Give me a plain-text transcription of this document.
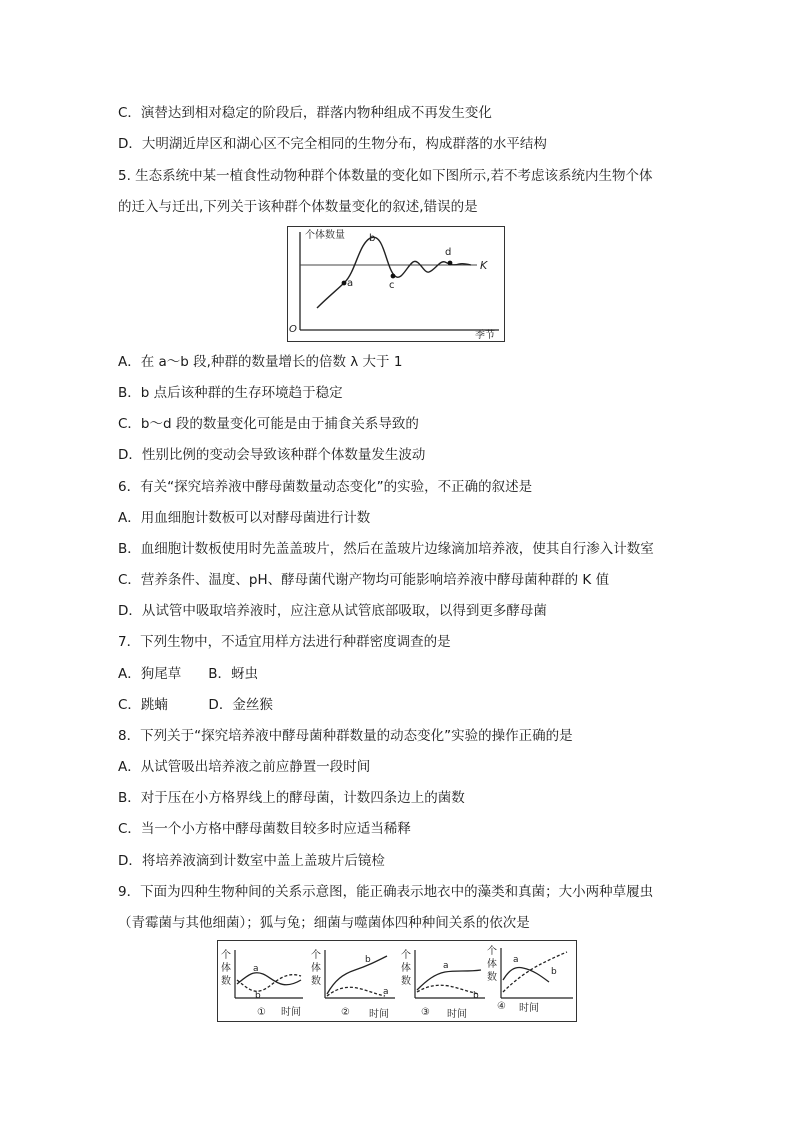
C．演替达到相对稳定的阶段后，群落内物种组成不再发生变化
D．大明湖近岸区和湖心区不完全相同的生物分布，构成群落的水平结构
5. 生态系统中某一植食性动物种群个体数量的变化如下图所示,若不考虑该系统内生物个体
的迁入与迁出,下列关于该种群个体数量变化的叙述,错误的是
A．在 a～b 段,种群的数量增长的倍数 λ 大于 1
B．b 点后该种群的生存环境趋于稳定
C．b～d 段的数量变化可能是由于捕食关系导致的
D．性别比例的变动会导致该种群个体数量发生波动
6．有关“探究培养液中酵母菌数量动态变化”的实验，不正确的叙述是
A．用血细胞计数板可以对酵母菌进行计数
B．血细胞计数板使用时先盖盖玻片，然后在盖玻片边缘滴加培养液，使其自行渗入计数室
C．营养条件、温度、pH、酵母菌代谢产物均可能影响培养液中酵母菌种群的 K 值
D．从试管中吸取培养液时，应注意从试管底部吸取，以得到更多酵母菌
7．下列生物中，不适宜用样方法进行种群密度调查的是
A．狗尾草　　B．蚜虫
C．跳蝻　　　D．金丝猴
8．下列关于“探究培养液中酵母菌种群数量的动态变化”实验的操作正确的是
A．从试管吸出培养液之前应静置一段时间
B．对于压在小方格界线上的酵母菌，计数四条边上的菌数
C．当一个小方格中酵母菌数目较多时应适当稀释
D．将培养液滴到计数室中盖上盖玻片后镜检
9．下面为四种生物种间的关系示意图，能正确表示地衣中的藻类和真菌；大小两种草履虫
（青霉菌与其他细菌）；狐与兔；细菌与噬菌体四种种间关系的依次是
个体数量
季节
O
K
a
b
c
d
个
体
数
a
b
① 时间
个
体
数
b
a
② 时间
个
体
数
a
b
③ 时间
个
体
数
a
b
④ 时间
